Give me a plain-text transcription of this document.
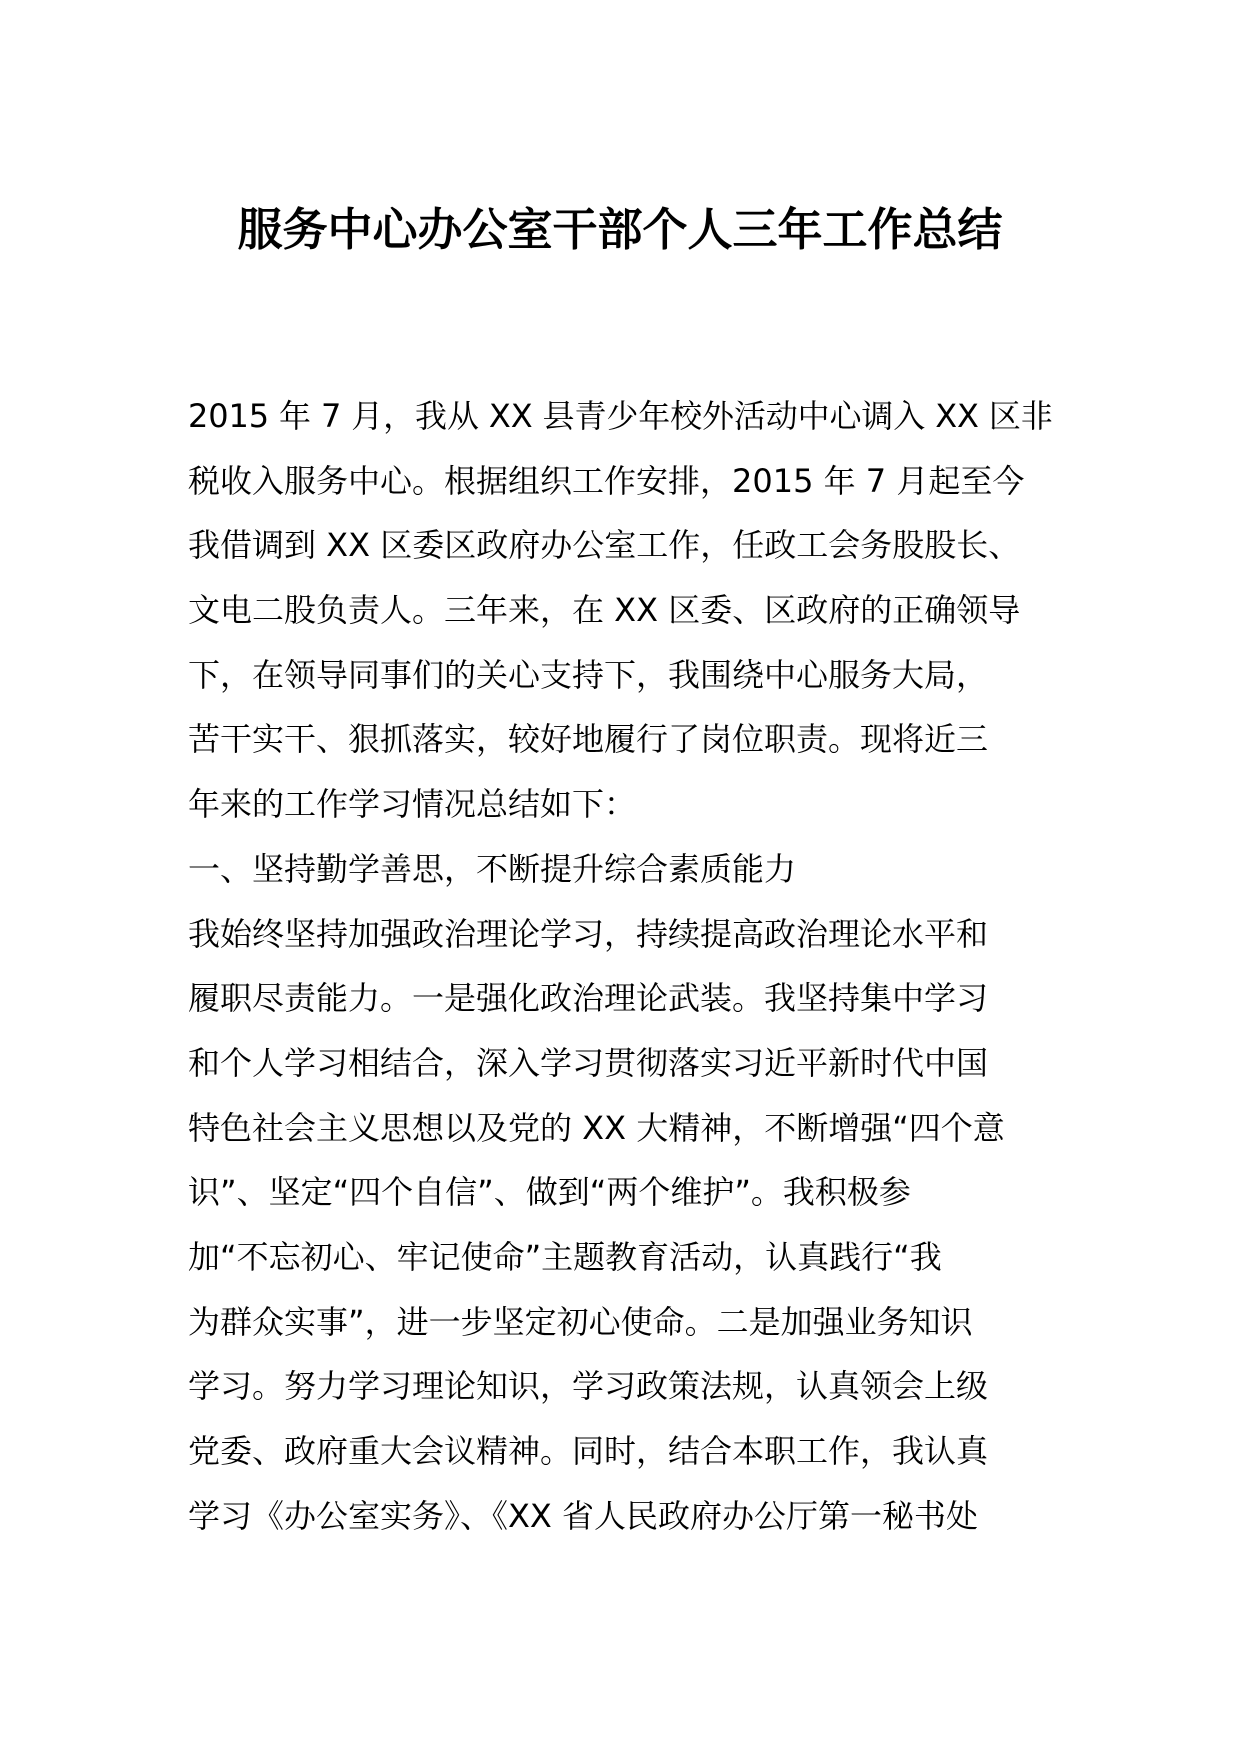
服务中心办公室干部个人三年工作总结
2015 年 7 月，我从 XX 县青少年校外活动中心调入 XX 区非
税收入服务中心。根据组织工作安排，2015 年 7 月起至今
我借调到 XX 区委区政府办公室工作，任政工会务股股长、
文电二股负责人。三年来，在 XX 区委、区政府的正确领导
下，在领导同事们的关心支持下，我围绕中心服务大局，
苦干实干、狠抓落实，较好地履行了岗位职责。现将近三
年来的工作学习情况总结如下：
一、坚持勤学善思，不断提升综合素质能力
我始终坚持加强政治理论学习，持续提高政治理论水平和
履职尽责能力。一是强化政治理论武装。我坚持集中学习
和个人学习相结合，深入学习贯彻落实习近平新时代中国
特色社会主义思想以及党的 XX 大精神，不断增强“四个意
识”、坚定“四个自信”、做到“两个维护”。我积极参
加“不忘初心、牢记使命”主题教育活动，认真践行“我
为群众实事”，进一步坚定初心使命。二是加强业务知识
学习。努力学习理论知识，学习政策法规，认真领会上级
党委、政府重大会议精神。同时，结合本职工作，我认真
学习《办公室实务》、《XX 省人民政府办公厅第一秘书处
